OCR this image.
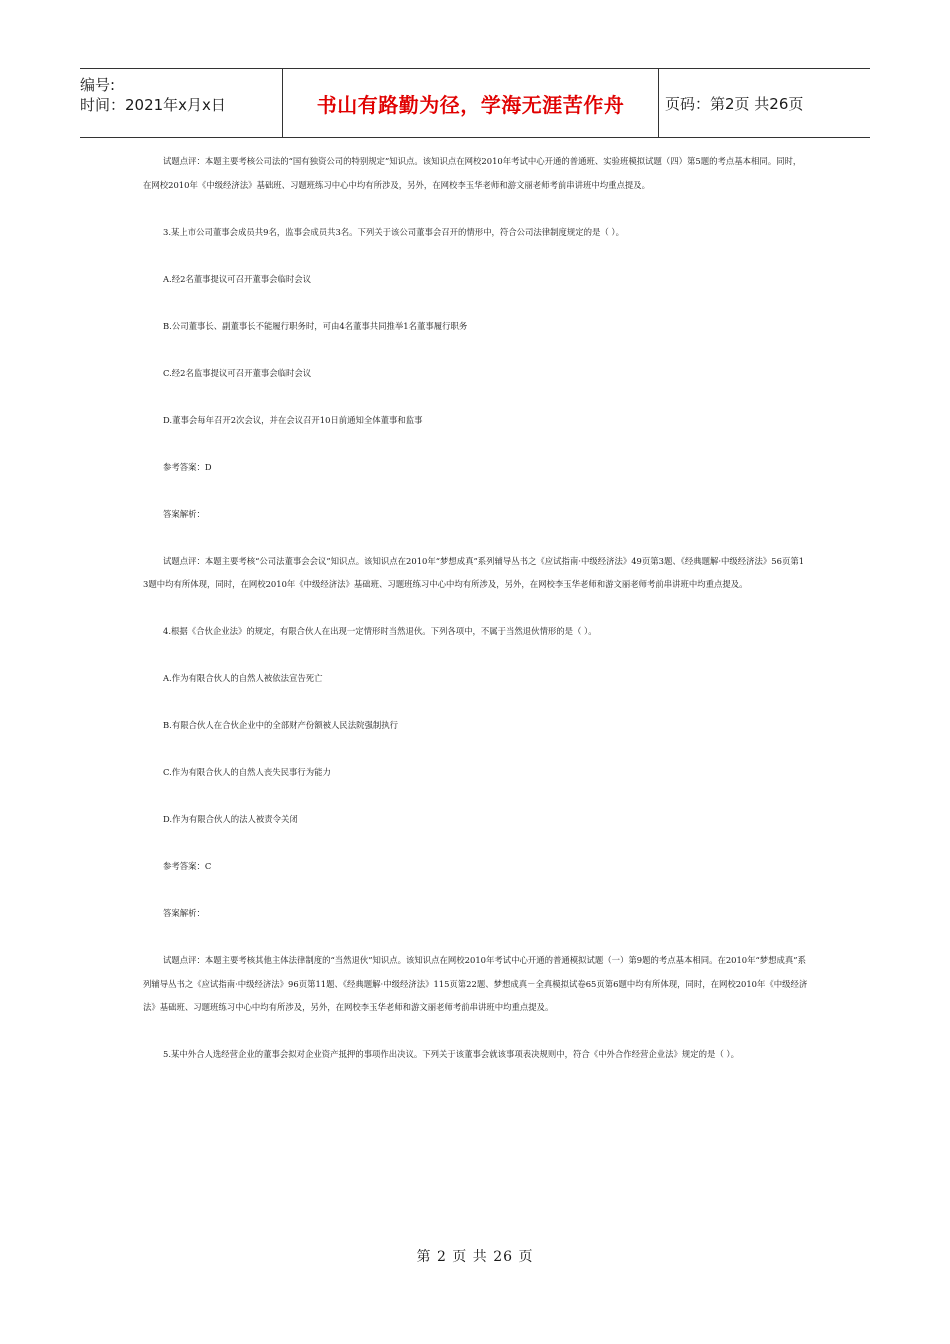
编号:
时间：2021年x月x日	书山有路勤为径，学海无涯苦作舟	页码：第2页 共26页

试题点评：本题主要考核公司法的“国有独资公司的特别规定”知识点。该知识点在网校2010年考试中心开通的普通班、实验班模拟试题（四）第5题的考点基本相同。同时，在网校2010年《中级经济法》基础班、习题班练习中心中均有所涉及，另外，在网校李玉华老师和游文丽老师考前串讲班中均重点提及。

3.某上市公司董事会成员共9名，监事会成员共3名。下列关于该公司董事会召开的情形中，符合公司法律制度规定的是（ ）。

A.经2名董事提议可召开董事会临时会议

B.公司董事长、副董事长不能履行职务时，可由4名董事共同推举1名董事履行职务

C.经2名监事提议可召开董事会临时会议

D.董事会每年召开2次会议，并在会议召开10日前通知全体董事和监事

参考答案：D

答案解析：

试题点评：本题主要考核“公司法董事会会议”知识点。该知识点在2010年“梦想成真”系列辅导丛书之《应试指南·中级经济法》49页第3题、《经典题解·中级经济法》56页第13题中均有所体现，同时，在网校2010年《中级经济法》基础班、习题班练习中心中均有所涉及，另外，在网校李玉华老师和游文丽老师考前串讲班中均重点提及。

4.根据《合伙企业法》的规定，有限合伙人在出现一定情形时当然退伙。下列各项中，不属于当然退伙情形的是（ ）。

A.作为有限合伙人的自然人被依法宣告死亡

B.有限合伙人在合伙企业中的全部财产份额被人民法院强制执行

C.作为有限合伙人的自然人丧失民事行为能力

D.作为有限合伙人的法人被责令关闭

参考答案：C

答案解析：

试题点评：本题主要考核其他主体法律制度的“当然退伙”知识点。该知识点在网校2010年考试中心开通的普通模拟试题（一）第9题的考点基本相同。在2010年“梦想成真”系列辅导丛书之《应试指南·中级经济法》96页第11题、《经典题解·中级经济法》115页第22题、梦想成真－全真模拟试卷65页第6题中均有所体现，同时，在网校2010年《中级经济法》基础班、习题班练习中心中均有所涉及，另外，在网校李玉华老师和游文丽老师考前串讲班中均重点提及。

5.某中外合人选经营企业的董事会拟对企业资产抵押的事项作出决议。下列关于该董事会就该事项表决规则中，符合《中外合作经营企业法》规定的是（ ）。

第 2 页 共 26 页
